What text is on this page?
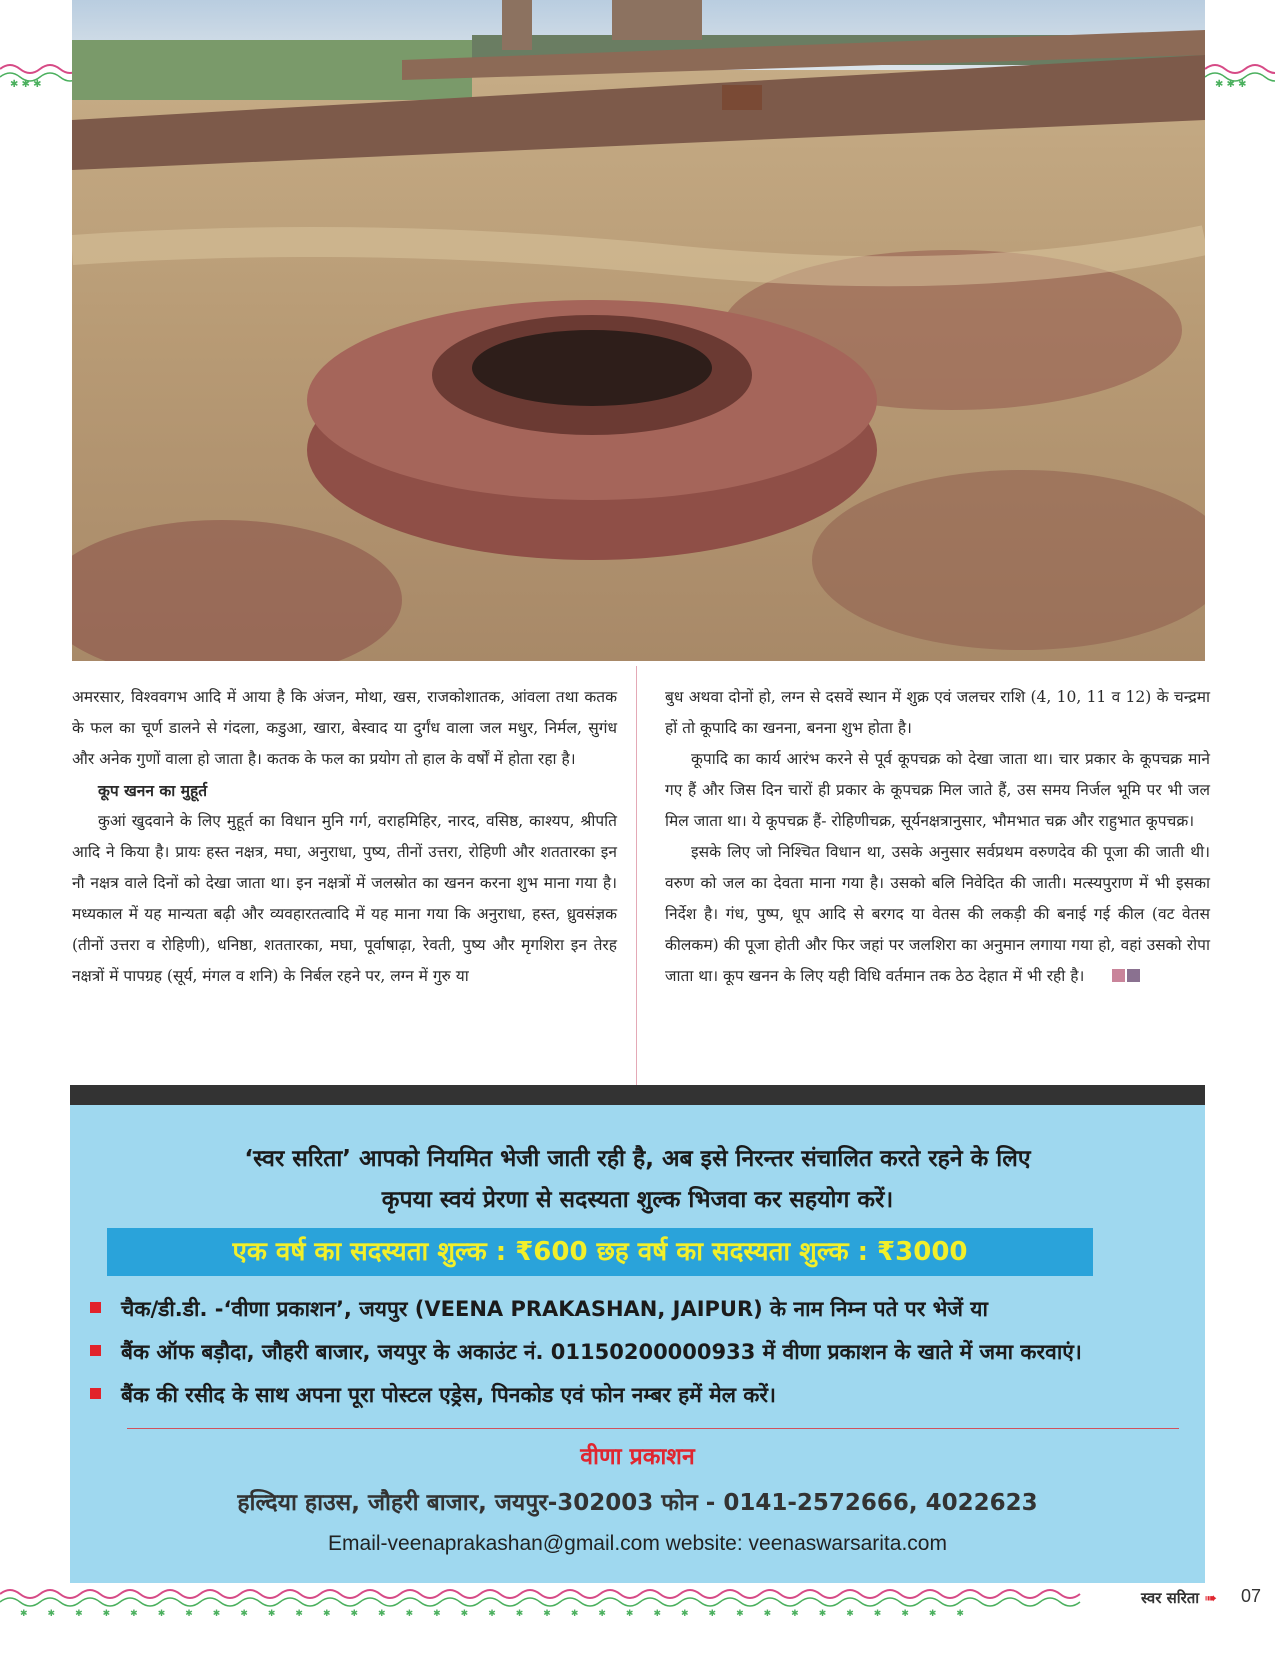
✱ ✱ ✱	✱ ✱ ✱

अमरसार, विश्ववगभ आदि में आया है कि अंजन, मोथा, खस, राजकोशातक, आंवला तथा कतक के फल का चूर्ण डालने से गंदला, कडुआ, खारा, बेस्वाद या दुर्गंध वाला जल मधुर, निर्मल, सुगंध और अनेक गुणों वाला हो जाता है। कतक के फल का प्रयोग तो हाल के वर्षों में होता रहा है।

कूप खनन का मुहूर्त

कुआं खुदवाने के लिए मुहूर्त का विधान मुनि गर्ग, वराहमिहिर, नारद, वसिष्ठ, काश्यप, श्रीपति आदि ने किया है। प्रायः हस्त नक्षत्र, मघा, अनुराधा, पुष्य, तीनों उत्तरा, रोहिणी और शततारका इन नौ नक्षत्र वाले दिनों को देखा जाता था। इन नक्षत्रों में जलस्रोत का खनन करना शुभ माना गया है। मध्यकाल में यह मान्यता बढ़ी और व्यवहारतत्वादि में यह माना गया कि अनुराधा, हस्त, ध्रुवसंज्ञक (तीनों उत्तरा व रोहिणी), धनिष्ठा, शततारका, मघा, पूर्वाषाढ़ा, रेवती, पुष्य और मृगशिरा इन तेरह नक्षत्रों में पापग्रह (सूर्य, मंगल व शनि) के निर्बल रहने पर, लग्न में गुरु या

बुध अथवा दोनों हो, लग्न से दसवें स्थान में शुक्र एवं जलचर राशि (4, 10, 11 व 12) के चन्द्रमा हों तो कूपादि का खनना, बनना शुभ होता है।

कूपादि का कार्य आरंभ करने से पूर्व कूपचक्र को देखा जाता था। चार प्रकार के कूपचक्र माने गए हैं और जिस दिन चारों ही प्रकार के कूपचक्र मिल जाते हैं, उस समय निर्जल भूमि पर भी जल मिल जाता था। ये कूपचक्र हैं- रोहिणीचक्र, सूर्यनक्षत्रानुसार, भौमभात चक्र और राहुभात कूपचक्र।

इसके लिए जो निश्चित विधान था, उसके अनुसार सर्वप्रथम वरुणदेव की पूजा की जाती थी। वरुण को जल का देवता माना गया है। उसको बलि निवेदित की जाती। मत्स्यपुराण में भी इसका निर्देश है। गंध, पुष्प, धूप आदि से बरगद या वेतस की लकड़ी की बनाई गई कील (वट वेतस कीलकम) की पूजा होती और फिर जहां पर जलशिरा का अनुमान लगाया गया हो, वहां उसको रोपा जाता था। कूप खनन के लिए यही विधि वर्तमान तक ठेठ देहात में भी रही है।

‘स्वर सरिता’ आपको नियमित भेजी जाती रही है, अब इसे निरन्तर संचालित करते रहने के लिए
कृपया स्वयं प्रेरणा से सदस्यता शुल्क भिजवा कर सहयोग करें।
चैक/डी.डी. -‘वीणा प्रकाशन’, जयपुर (VEENA PRAKASHAN, JAIPUR) के नाम निम्न पते पर भेजें या
बैंक ऑफ बड़ौदा, जौहरी बाजार, जयपुर के अकाउंट नं. 01150200000933 में वीणा प्रकाशन के खाते में जमा करवाएं।
बैंक की रसीद के साथ अपना पूरा पोस्टल एड्रेस, पिनकोड एवं फोन नम्बर हमें मेल करें।
वीणा प्रकाशन
हल्दिया हाउस, जौहरी बाजार, जयपुर-302003 फोन - 0141-2572666, 4022623
Email-veenaprakashan@gmail.com website: veenaswarsarita.com
एक वर्ष का सदस्यता शुल्क : ₹600 छह वर्ष का सदस्यता शुल्क : ₹3000
✱✱✱✱✱✱✱✱✱✱✱✱✱✱✱✱✱✱✱✱✱✱✱✱✱✱✱✱✱✱✱✱✱✱✱
स्वर सरिता ➠ 07
